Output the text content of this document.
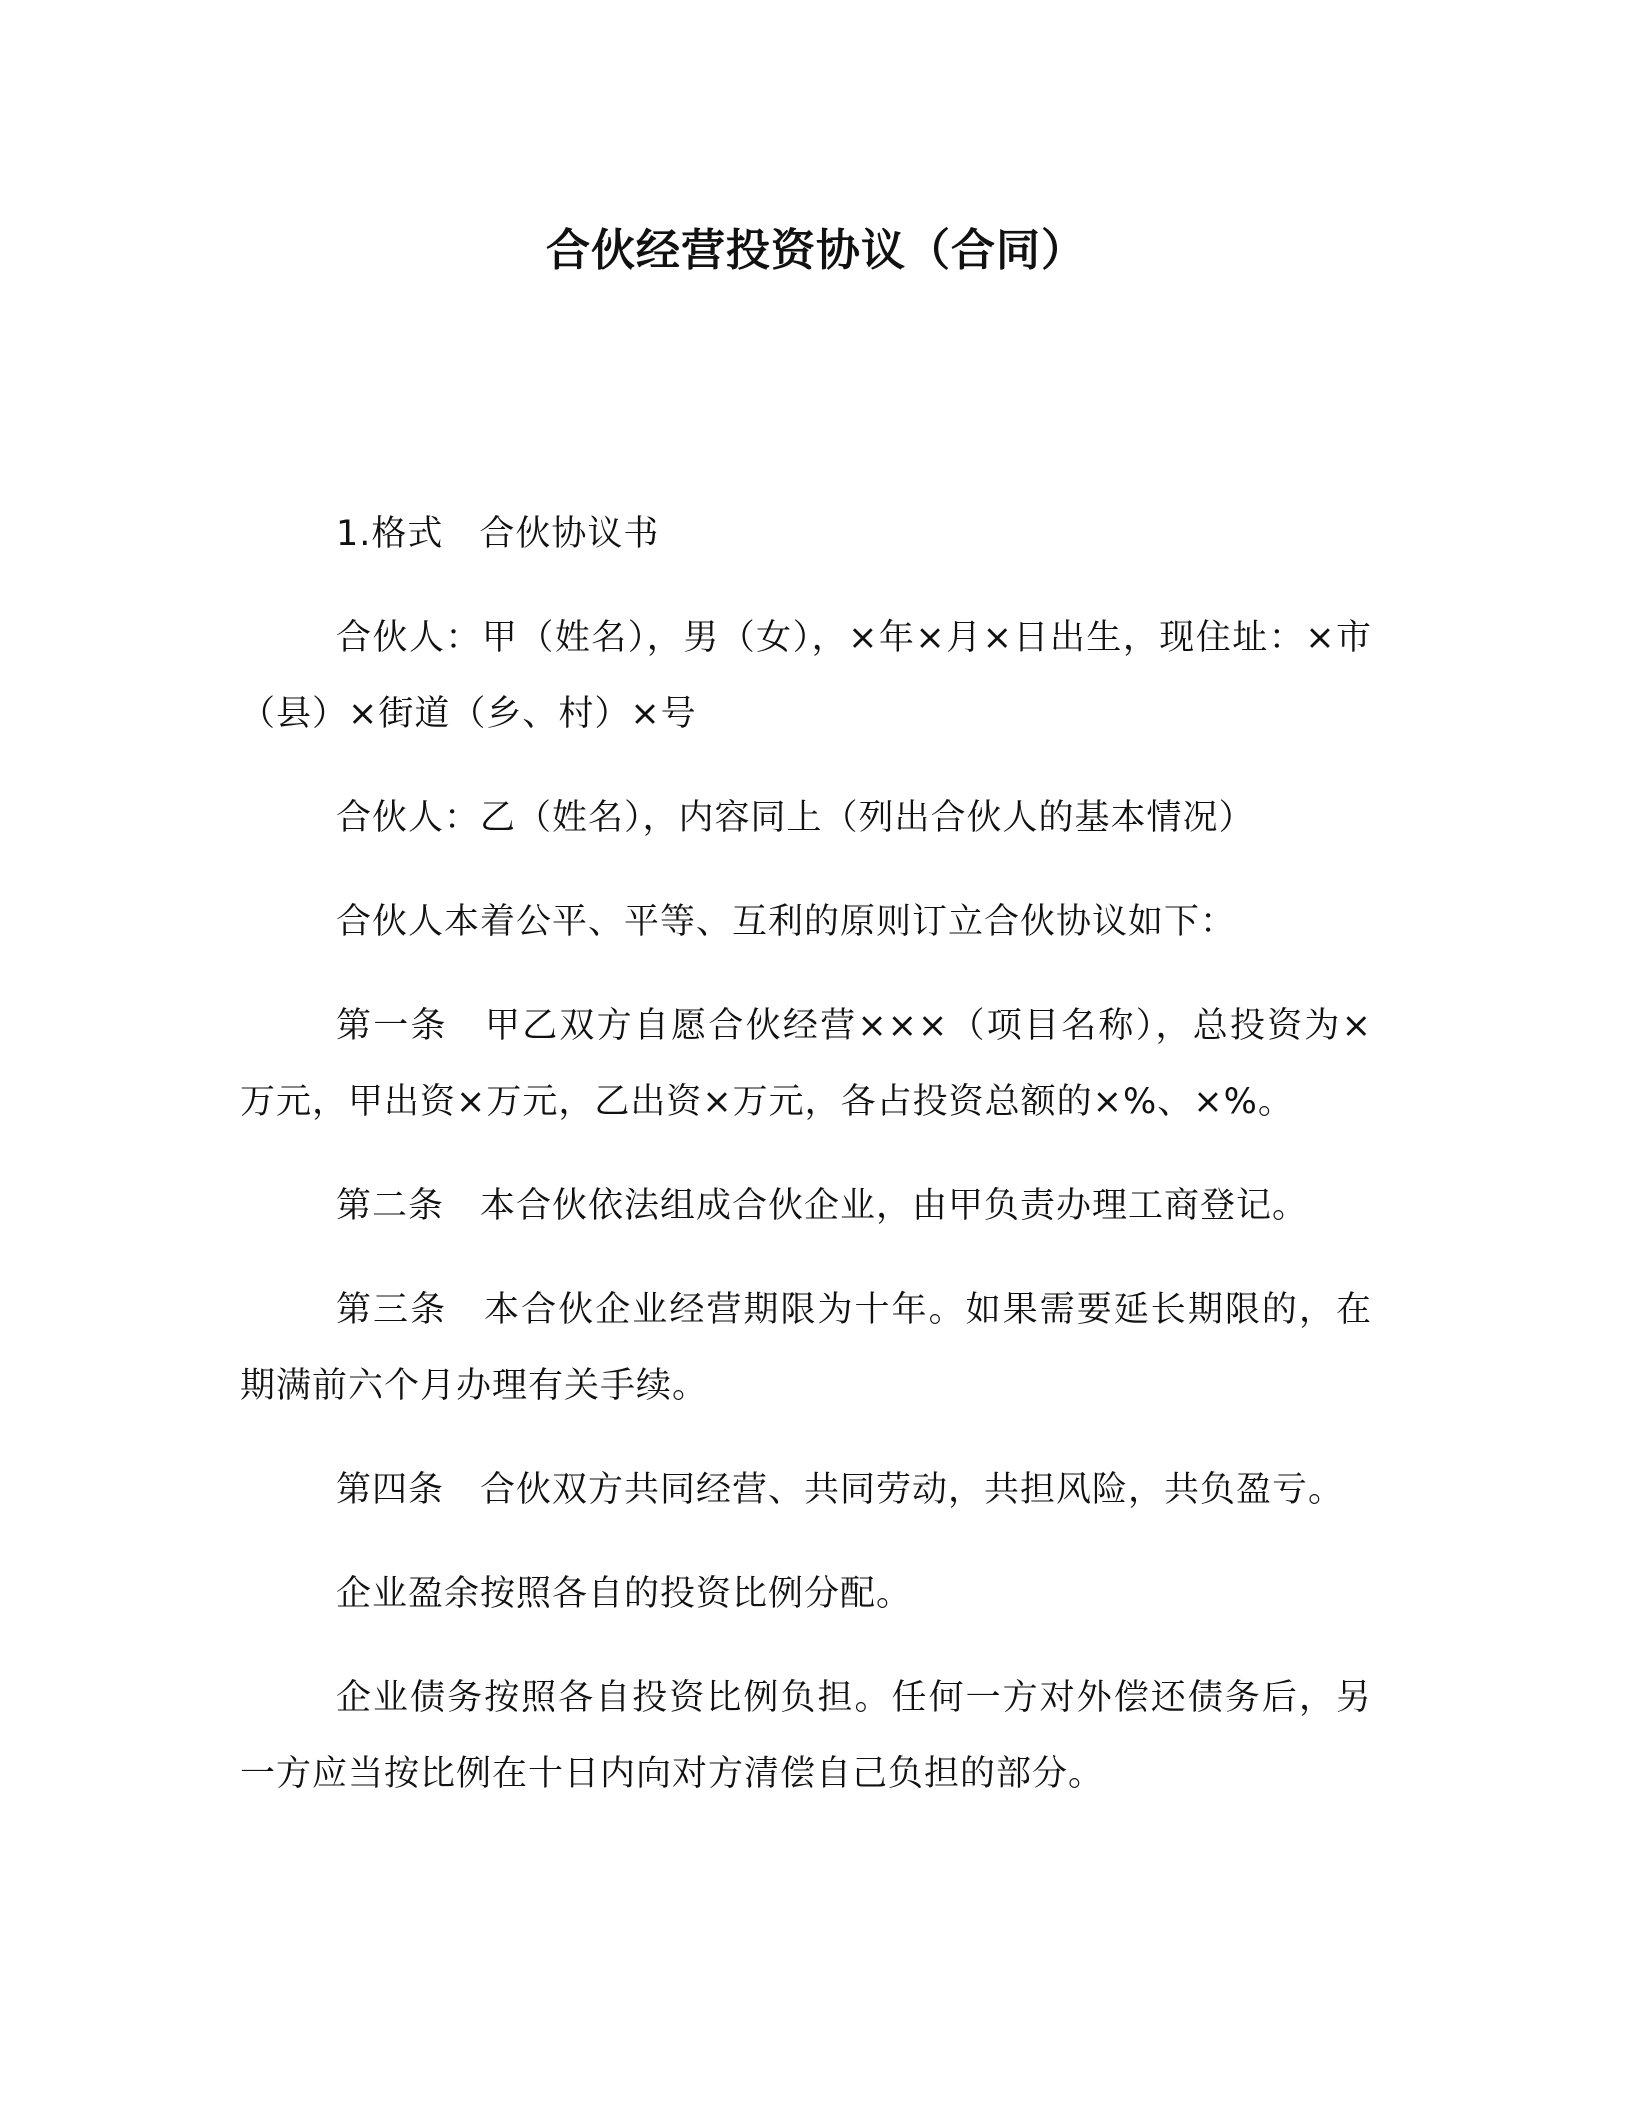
合伙经营投资协议（合同）

1.格式　合伙协议书

合伙人：甲（姓名），男（女），×年×月×日出生，现住址：×市（县）×街道（乡、村）×号

合伙人：乙（姓名），内容同上（列出合伙人的基本情况）

合伙人本着公平、平等、互利的原则订立合伙协议如下：

第一条　甲乙双方自愿合伙经营×××（项目名称），总投资为×万元，甲出资×万元，乙出资×万元，各占投资总额的×%、×%。

第二条　本合伙依法组成合伙企业，由甲负责办理工商登记。

第三条　本合伙企业经营期限为十年。如果需要延长期限的，在期满前六个月办理有关手续。

第四条　合伙双方共同经营、共同劳动，共担风险，共负盈亏。

企业盈余按照各自的投资比例分配。

企业债务按照各自投资比例负担。任何一方对外偿还债务后，另一方应当按比例在十日内向对方清偿自己负担的部分。
